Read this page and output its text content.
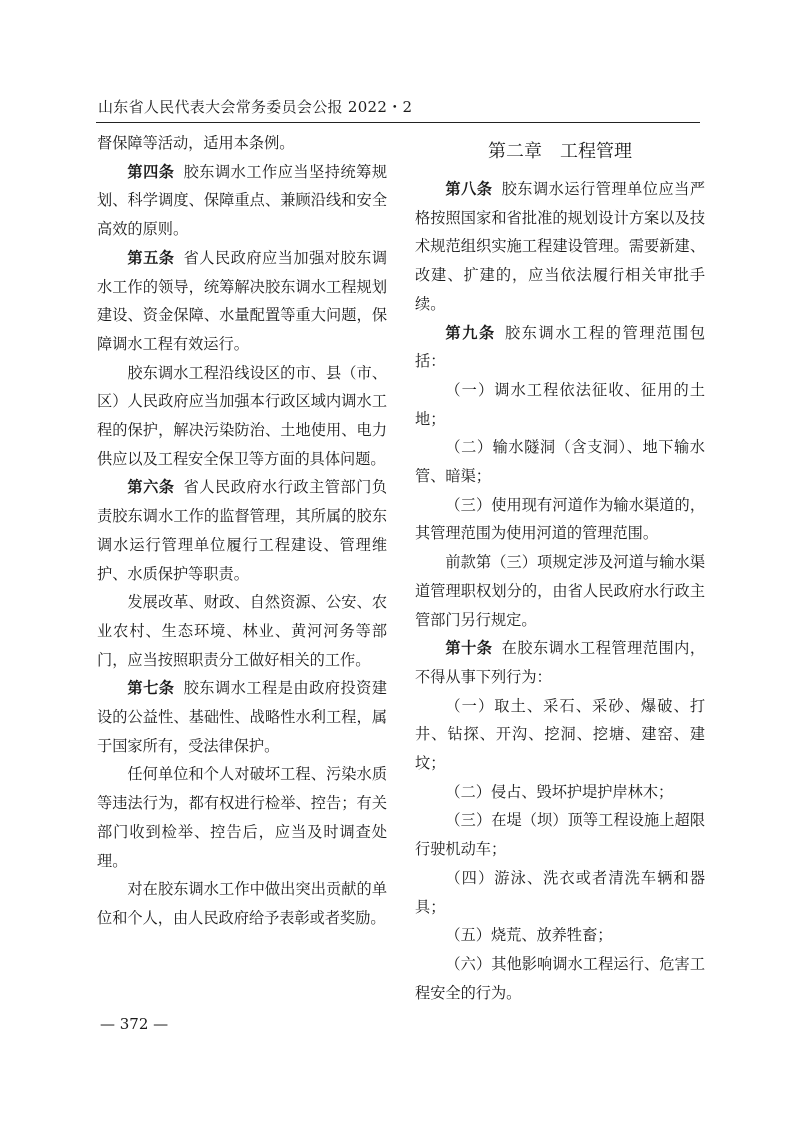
山东省人民代表大会常务委员会公报 2022・2

督保障等活动，适用本条例。

第四条 胶东调水工作应当坚持统筹规划、科学调度、保障重点、兼顾沿线和安全高效的原则。

第五条 省人民政府应当加强对胶东调水工作的领导，统筹解决胶东调水工程规划建设、资金保障、水量配置等重大问题，保障调水工程有效运行。

胶东调水工程沿线设区的市、县（市、区）人民政府应当加强本行政区域内调水工程的保护，解决污染防治、土地使用、电力供应以及工程安全保卫等方面的具体问题。

第六条 省人民政府水行政主管部门负责胶东调水工作的监督管理，其所属的胶东调水运行管理单位履行工程建设、管理维护、水质保护等职责。

发展改革、财政、自然资源、公安、农业农村、生态环境、林业、黄河河务等部门，应当按照职责分工做好相关的工作。

第七条 胶东调水工程是由政府投资建设的公益性、基础性、战略性水利工程，属于国家所有，受法律保护。

任何单位和个人对破坏工程、污染水质等违法行为，都有权进行检举、控告；有关部门收到检举、控告后，应当及时调查处理。

对在胶东调水工作中做出突出贡献的单位和个人，由人民政府给予表彰或者奖励。

第二章　工程管理

第八条 胶东调水运行管理单位应当严格按照国家和省批准的规划设计方案以及技术规范组织实施工程建设管理。需要新建、改建、扩建的，应当依法履行相关审批手续。

第九条 胶东调水工程的管理范围包括：

（一）调水工程依法征收、征用的土地；

（二）输水隧洞（含支洞）、地下输水管、暗渠；

（三）使用现有河道作为输水渠道的，其管理范围为使用河道的管理范围。

前款第（三）项规定涉及河道与输水渠道管理职权划分的，由省人民政府水行政主管部门另行规定。

第十条 在胶东调水工程管理范围内，不得从事下列行为：

（一）取土、采石、采砂、爆破、打井、钻探、开沟、挖洞、挖塘、建窑、建坟；

（二）侵占、毁坏护堤护岸林木；

（三）在堤（坝）顶等工程设施上超限行驶机动车；

（四）游泳、洗衣或者清洗车辆和器具；

（五）烧荒、放养牲畜；

（六）其他影响调水工程运行、危害工程安全的行为。

— 372 —
